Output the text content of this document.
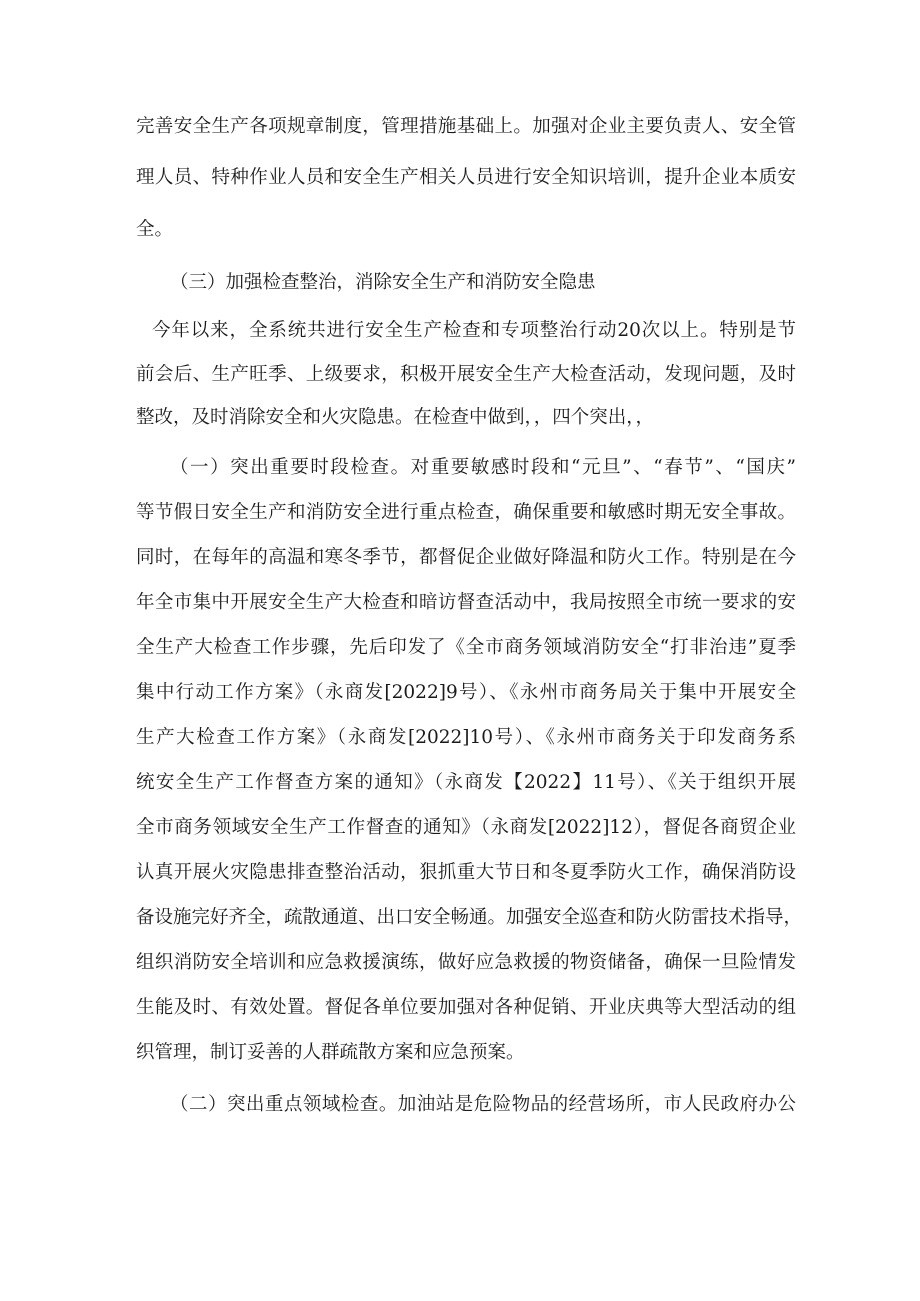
完善安全生产各项规章制度，管理措施基础上。加强对企业主要负责人、安全管
理人员、特种作业人员和安全生产相关人员进行安全知识培训，提升企业本质安
全。
（三）加强检查整治，消除安全生产和消防安全隐患
今年以来，全系统共进行安全生产检查和专项整治行动20次以上。特别是节
前会后、生产旺季、上级要求，积极开展安全生产大检查活动，发现问题，及时
整改，及时消除安全和火灾隐患。在检查中做到，，四个突出，，
（一）突出重要时段检查。对重要敏感时段和“元旦”、“春节”、“国庆”
等节假日安全生产和消防安全进行重点检查，确保重要和敏感时期无安全事故。
同时，在每年的高温和寒冬季节，都督促企业做好降温和防火工作。特别是在今
年全市集中开展安全生产大检查和暗访督查活动中，我局按照全市统一要求的安
全生产大检查工作步骤，先后印发了《全市商务领域消防安全“打非治违”夏季
集中行动工作方案》（永商发[2022]9号）、《永州市商务局关于集中开展安全
生产大检查工作方案》（永商发[2022]10号）、《永州市商务关于印发商务系
统安全生产工作督查方案的通知》（永商发【2022】11号）、《关于组织开展
全市商务领域安全生产工作督查的通知》（永商发[2022]12），督促各商贸企业
认真开展火灾隐患排查整治活动，狠抓重大节日和冬夏季防火工作，确保消防设
备设施完好齐全，疏散通道、出口安全畅通。加强安全巡查和防火防雷技术指导，
组织消防安全培训和应急救援演练，做好应急救援的物资储备，确保一旦险情发
生能及时、有效处置。督促各单位要加强对各种促销、开业庆典等大型活动的组
织管理，制订妥善的人群疏散方案和应急预案。
（二）突出重点领域检查。加油站是危险物品的经营场所，市人民政府办公
